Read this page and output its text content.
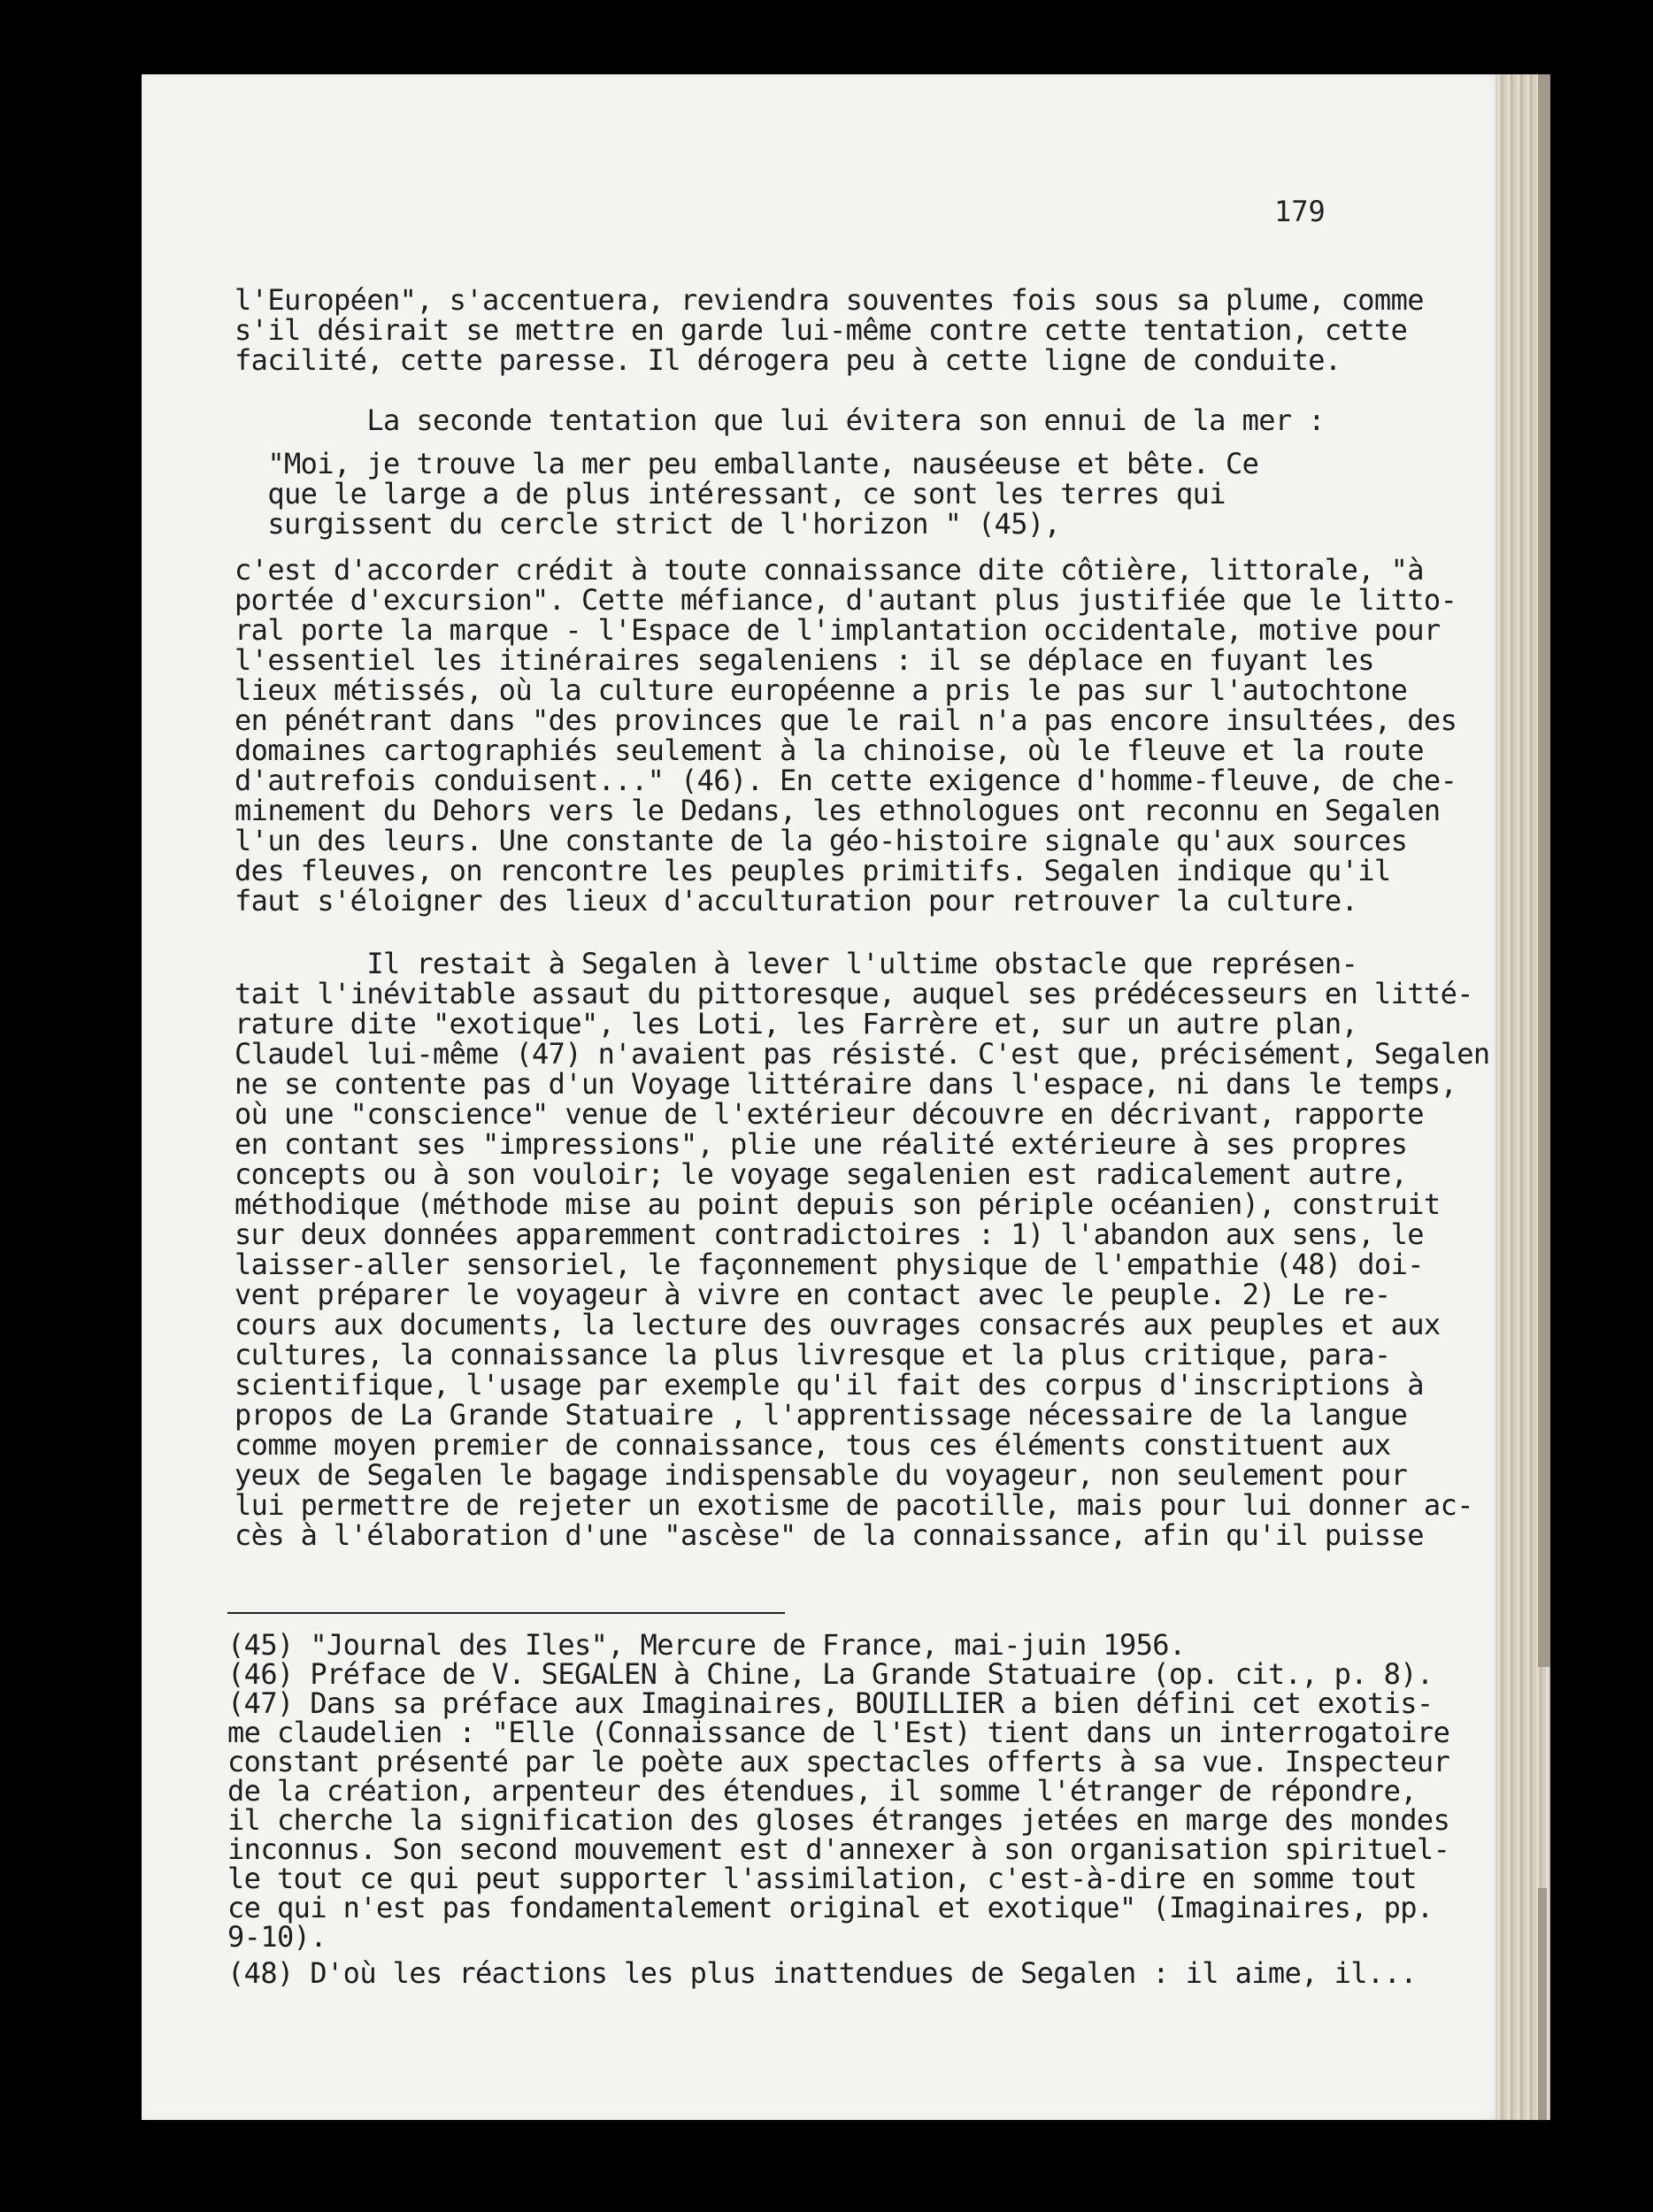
179
l'Européen", s'accentuera, reviendra souventes fois sous sa plume, comme
s'il désirait se mettre en garde lui-même contre cette tentation, cette
facilité, cette paresse. Il dérogera peu à cette ligne de conduite.
La seconde tentation que lui évitera son ennui de la mer :
"Moi, je trouve la mer peu emballante, nauséeuse et bête. Ce
que le large a de plus intéressant, ce sont les terres qui
surgissent du cercle strict de l'horizon " (45),
c'est d'accorder crédit à toute connaissance dite côtière, littorale, "à
portée d'excursion". Cette méfiance, d'autant plus justifiée que le litto-
ral porte la marque - l'Espace de l'implantation occidentale, motive pour
l'essentiel les itinéraires segaleniens : il se déplace en fuyant les
lieux métissés, où la culture européenne a pris le pas sur l'autochtone
en pénétrant dans "des provinces que le rail n'a pas encore insultées, des
domaines cartographiés seulement à la chinoise, où le fleuve et la route
d'autrefois conduisent..." (46). En cette exigence d'homme-fleuve, de che-
minement du Dehors vers le Dedans, les ethnologues ont reconnu en Segalen
l'un des leurs. Une constante de la géo-histoire signale qu'aux sources
des fleuves, on rencontre les peuples primitifs. Segalen indique qu'il
faut s'éloigner des lieux d'acculturation pour retrouver la culture.
Il restait à Segalen à lever l'ultime obstacle que représen-
tait l'inévitable assaut du pittoresque, auquel ses prédécesseurs en litté-
rature dite "exotique", les Loti, les Farrère et, sur un autre plan,
Claudel lui-même (47) n'avaient pas résisté. C'est que, précisément, Segalen
ne se contente pas d'un Voyage littéraire dans l'espace, ni dans le temps,
où une "conscience" venue de l'extérieur découvre en décrivant, rapporte
en contant ses "impressions", plie une réalité extérieure à ses propres
concepts ou à son vouloir; le voyage segalenien est radicalement autre,
méthodique (méthode mise au point depuis son périple océanien), construit
sur deux données apparemment contradictoires : 1) l'abandon aux sens, le
laisser-aller sensoriel, le façonnement physique de l'empathie (48) doi-
vent préparer le voyageur à vivre en contact avec le peuple. 2) Le re-
cours aux documents, la lecture des ouvrages consacrés aux peuples et aux
cultures, la connaissance la plus livresque et la plus critique, para-
scientifique, l'usage par exemple qu'il fait des corpus d'inscriptions à
propos de La Grande Statuaire , l'apprentissage nécessaire de la langue
comme moyen premier de connaissance, tous ces éléments constituent aux
yeux de Segalen le bagage indispensable du voyageur, non seulement pour
lui permettre de rejeter un exotisme de pacotille, mais pour lui donner ac-
cès à l'élaboration d'une "ascèse" de la connaissance, afin qu'il puisse
(45) "Journal des Iles", Mercure de France, mai-juin 1956.
(46) Préface de V. SEGALEN à Chine, La Grande Statuaire (op. cit., p. 8).
(47) Dans sa préface aux Imaginaires, BOUILLIER a bien défini cet exotis-
me claudelien : "Elle (Connaissance de l'Est) tient dans un interrogatoire
constant présenté par le poète aux spectacles offerts à sa vue. Inspecteur
de la création, arpenteur des étendues, il somme l'étranger de répondre,
il cherche la signification des gloses étranges jetées en marge des mondes
inconnus. Son second mouvement est d'annexer à son organisation spirituel-
le tout ce qui peut supporter l'assimilation, c'est-à-dire en somme tout
ce qui n'est pas fondamentalement original et exotique" (Imaginaires, pp.
9-10).
(48) D'où les réactions les plus inattendues de Segalen : il aime, il...
